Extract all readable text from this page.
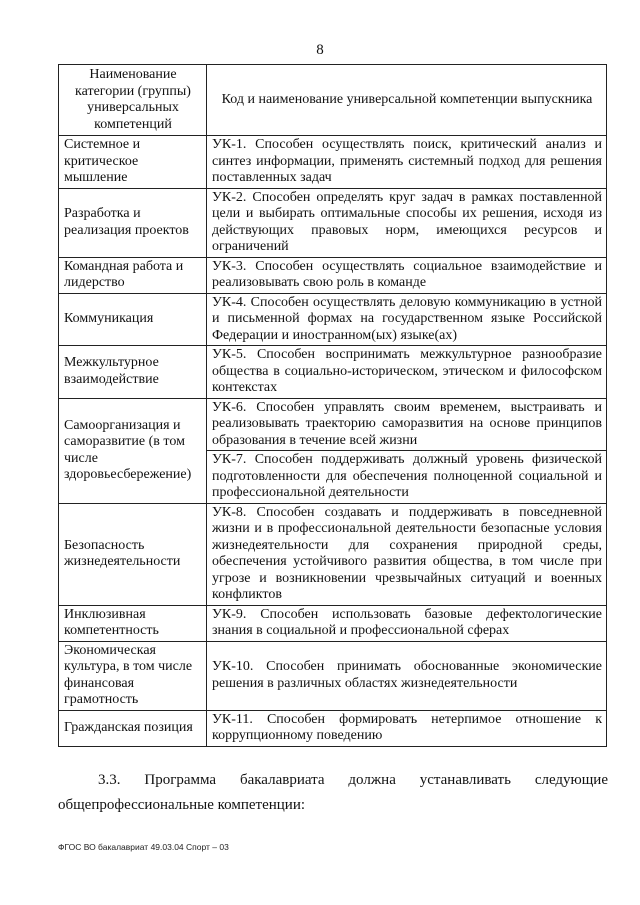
8
Наименование категории (группы) универсальных компетенций	Код и наименование универсальной компетенции выпускника
Системное и критическое мышление	УК-1. Способен осуществлять поиск, критический анализ и синтез информации, применять системный подход для решения поставленных задач
Разработка и реализация проектов	УК-2. Способен определять круг задач в рамках поставленной цели и выбирать оптимальные способы их решения, исходя из действующих правовых норм, имеющихся ресурсов и ограничений
Командная работа и лидерство	УК-3. Способен осуществлять социальное взаимодействие и реализовывать свою роль в команде
Коммуникация	УК-4. Способен осуществлять деловую коммуникацию в устной и письменной формах на государственном языке Российской Федерации и иностранном(ых) языке(ах)
Межкультурное взаимодействие	УК-5. Способен воспринимать межкультурное разнообразие общества в социально-историческом, этическом и философском контекстах
Самоорганизация и саморазвитие (в том числе здоровьесбережение)	УК-6. Способен управлять своим временем, выстраивать и реализовывать траекторию саморазвития на основе принципов образования в течение всей жизни
	УК-7. Способен поддерживать должный уровень физической подготовленности для обеспечения полноценной социальной и профессиональной деятельности
Безопасность жизнедеятельности	УК-8. Способен создавать и поддерживать в повседневной жизни и в профессиональной деятельности безопасные условия жизнедеятельности для сохранения природной среды, обеспечения устойчивого развития общества, в том числе при угрозе и возникновении чрезвычайных ситуаций и военных конфликтов
Инклюзивная компетентность	УК-9. Способен использовать базовые дефектологические знания в социальной и профессиональной сферах
Экономическая культура, в том числе финансовая грамотность	УК-10. Способен принимать обоснованные экономические решения в различных областях жизнедеятельности
Гражданская позиция	УК-11. Способен формировать нетерпимое отношение к коррупционному поведению
3.3. Программа бакалавриата должна устанавливать следующие
общепрофессиональные компетенции:
ФГОС ВО бакалавриат 49.03.04 Спорт – 03
